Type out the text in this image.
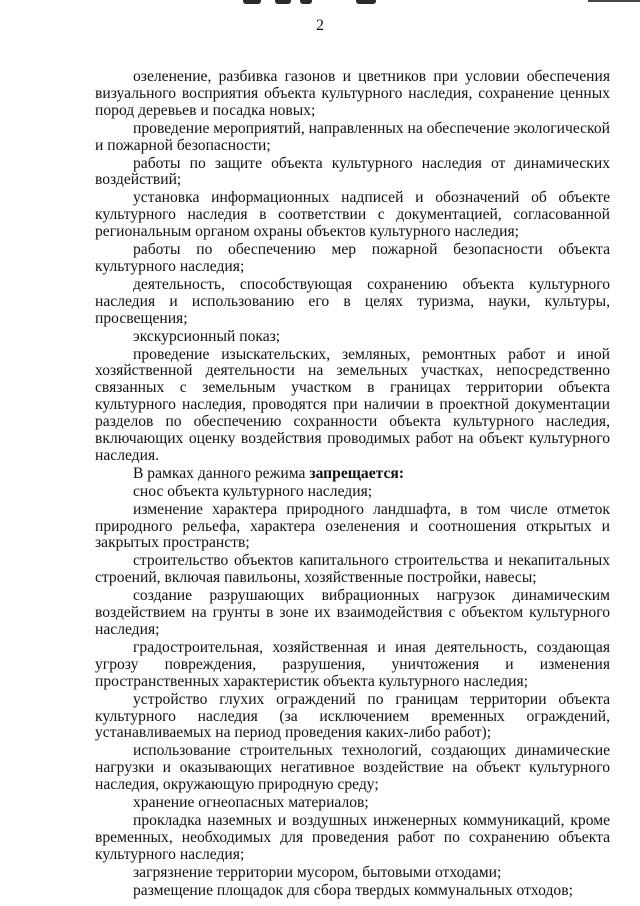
2

озеленение, разбивка газонов и цветников при условии обеспечения визуального восприятия объекта культурного наследия, сохранение ценных пород деревьев и посадка новых;

проведение мероприятий, направленных на обеспечение экологической и пожарной безопасности;

работы по защите объекта культурного наследия от динамических воздействий;

установка информационных надписей и обозначений об объекте культурного наследия в соответствии с документацией, согласованной региональным органом охраны объектов культурного наследия;

работы по обеспечению мер пожарной безопасности объекта культурного наследия;

деятельность, способствующая сохранению объекта культурного наследия и использованию его в целях туризма, науки, культуры, просвещения;

экскурсионный показ;

проведение изыскательских, земляных, ремонтных работ и иной хозяйственной деятельности на земельных участках, непосредственно связанных с земельным участком в границах территории объекта культурного наследия, проводятся при наличии в проектной документации разделов по обеспечению сохранности объекта культурного наследия, включающих оценку воздействия проводимых работ на объект культурного наследия.

В рамках данного режима запрещается:

снос объекта культурного наследия;

изменение характера природного ландшафта, в том числе отметок природного рельефа, характера озеленения и соотношения открытых и закрытых пространств;

строительство объектов капитального строительства и некапитальных строений, включая павильоны, хозяйственные постройки, навесы;

создание разрушающих вибрационных нагрузок динамическим воздействием на грунты в зоне их взаимодействия с объектом культурного наследия;

градостроительная, хозяйственная и иная деятельность, создающая угрозу повреждения, разрушения, уничтожения и изменения пространственных характеристик объекта культурного наследия;

устройство глухих ограждений по границам территории объекта культурного наследия (за исключением временных ограждений, устанавливаемых на период проведения каких-либо работ);

использование строительных технологий, создающих динамические нагрузки и оказывающих негативное воздействие на объект культурного наследия, окружающую природную среду;

хранение огнеопасных материалов;

прокладка наземных и воздушных инженерных коммуникаций, кроме временных, необходимых для проведения работ по сохранению объекта культурного наследия;

загрязнение территории мусором, бытовыми отходами;

размещение площадок для сбора твердых коммунальных отходов;
